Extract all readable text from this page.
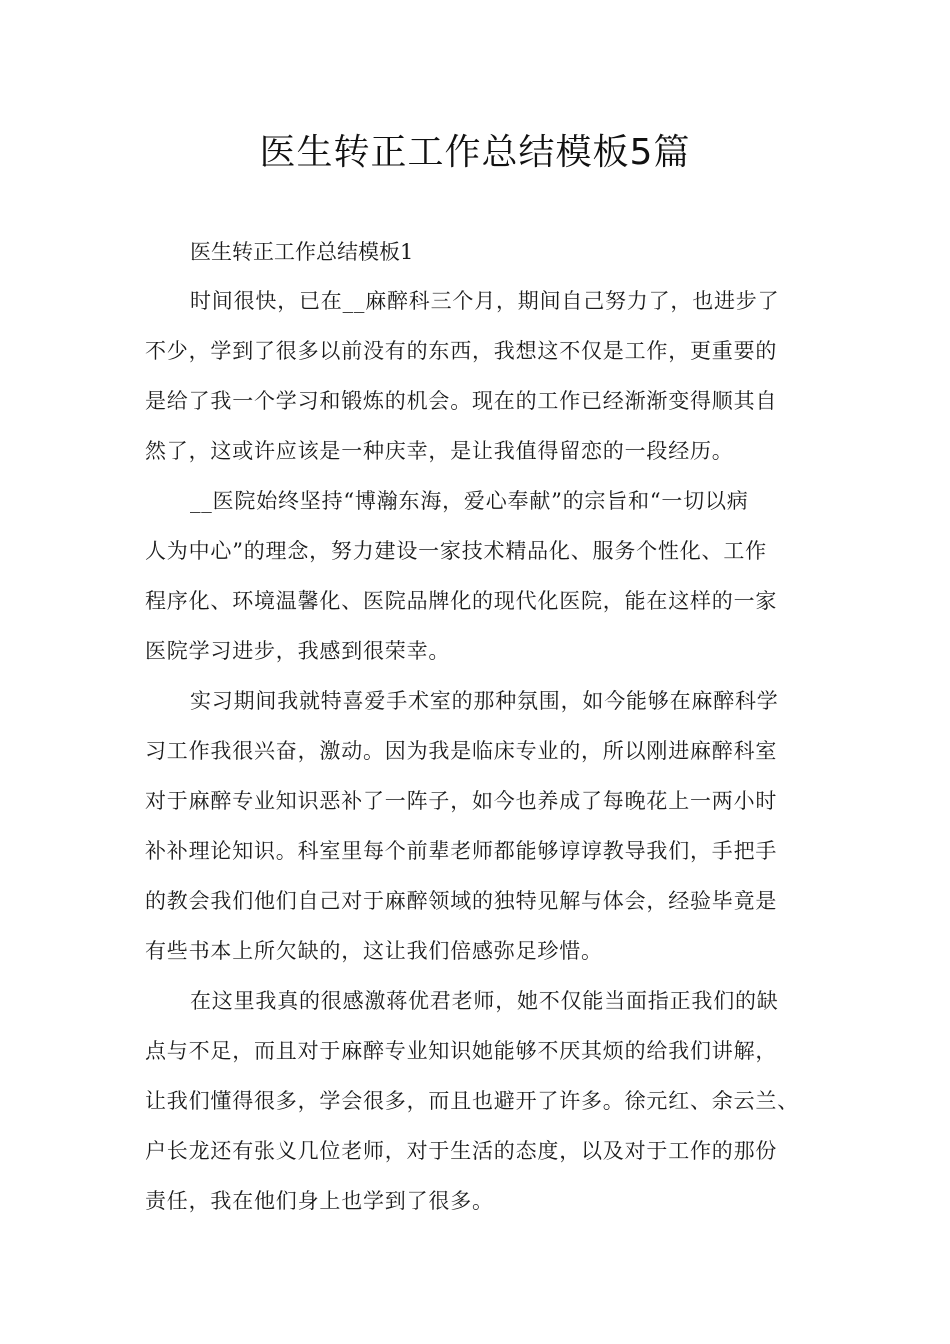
医生转正工作总结模板5篇

医生转正工作总结模板1

时间很快，已在__麻醉科三个月，期间自己努力了，也进步了
不少，学到了很多以前没有的东西，我想这不仅是工作，更重要的
是给了我一个学习和锻炼的机会。现在的工作已经渐渐变得顺其自
然了，这或许应该是一种庆幸，是让我值得留恋的一段经历。
__医院始终坚持“博瀚东海，爱心奉献”的宗旨和“一切以病
人为中心”的理念，努力建设一家技术精品化、服务个性化、工作
程序化、环境温馨化、医院品牌化的现代化医院，能在这样的一家
医院学习进步，我感到很荣幸。
实习期间我就特喜爱手术室的那种氛围，如今能够在麻醉科学
习工作我很兴奋，激动。因为我是临床专业的，所以刚进麻醉科室
对于麻醉专业知识恶补了一阵子，如今也养成了每晚花上一两小时
补补理论知识。科室里每个前辈老师都能够谆谆教导我们，手把手
的教会我们他们自己对于麻醉领域的独特见解与体会，经验毕竟是
有些书本上所欠缺的，这让我们倍感弥足珍惜。
在这里我真的很感激蒋优君老师，她不仅能当面指正我们的缺
点与不足，而且对于麻醉专业知识她能够不厌其烦的给我们讲解，
让我们懂得很多，学会很多，而且也避开了许多。徐元红、余云兰、
户长龙还有张义几位老师，对于生活的态度，以及对于工作的那份
责任，我在他们身上也学到了很多。
